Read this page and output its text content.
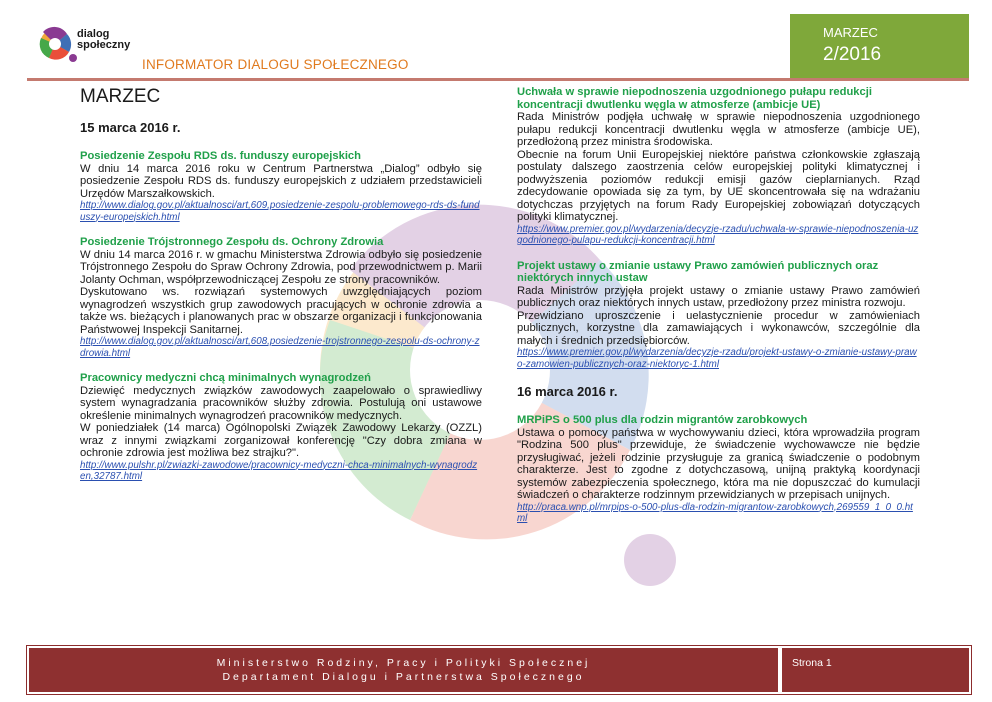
dialog
społeczny
INFORMATOR DIALOGU SPOŁECZNEGO
MARZEC
2/2016
MARZEC
15 marca 2016 r.
Posiedzenie Zespołu RDS ds. funduszy europejskich

W dniu 14 marca 2016 roku w Centrum Partnerstwa „Dialog” odbyło się posiedzenie Zespołu RDS ds. funduszy europejskich z udziałem przedstawicieli Urzędów Marszałkowskich.

http://www.dialog.gov.pl/aktualnosci/art,609,posiedzenie-zespolu-problemowego-rds-ds-funduszy-europejskich.html
Posiedzenie Trójstronnego Zespołu ds. Ochrony Zdrowia

W dniu 14 marca 2016 r. w gmachu Ministerstwa Zdrowia odbyło się posiedzenie Trójstronnego Zespołu do Spraw Ochrony Zdrowia, pod przewodnictwem p. Marii Jolanty Ochman, współprzewodniczącej Zespołu ze strony pracowników.

Dyskutowano ws. rozwiązań systemowych uwzględniających poziom wynagrodzeń wszystkich grup zawodowych pracujących w ochronie zdrowia a także ws. bieżących i planowanych prac w obszarze organizacji i funkcjonowania Państwowej Inspekcji Sanitarnej.

http://www.dialog.gov.pl/aktualnosci/art,608,posiedzenie-trojstronnego-zespolu-ds-ochrony-zdrowia.html
Pracownicy medyczni chcą minimalnych wynagrodzeń

Dziewięć medycznych związków zawodowych zaapelowało o sprawiedliwy system wynagradzania pracowników służby zdrowia. Postulują oni ustawowe określenie minimalnych wynagrodzeń pracowników medycznych.

W poniedziałek (14 marca) Ogólnopolski Związek Zawodowy Lekarzy (OZZL) wraz z innymi związkami zorganizował konferencję "Czy dobra zmiana w ochronie zdrowia jest możliwa bez strajku?".

http://www.pulshr.pl/zwiazki-zawodowe/pracownicy-medyczni-chca-minimalnych-wynagrodzen,32787.html
Uchwała w sprawie niepodnoszenia uzgodnionego pułapu redukcji koncentracji dwutlenku węgla w atmosferze (ambicje UE)

Rada Ministrów podjęła uchwałę w sprawie niepodnoszenia uzgodnionego pułapu redukcji koncentracji dwutlenku węgla w atmosferze (ambicje UE), przedłożoną przez ministra środowiska.

Obecnie na forum Unii Europejskiej niektóre państwa członkowskie zgłaszają postulaty dalszego zaostrzenia celów europejskiej polityki klimatycznej i podwyższenia poziomów redukcji emisji gazów cieplarnianych. Rząd zdecydowanie opowiada się za tym, by UE skoncentrowała się na wdrażaniu dotychczas przyjętych na forum Rady Europejskiej zobowiązań dotyczących polityki klimatycznej.

https://www.premier.gov.pl/wydarzenia/decyzje-rzadu/uchwala-w-sprawie-niepodnoszenia-uzgodnionego-pulapu-redukcji-koncentracji.html
Projekt ustawy o zmianie ustawy Prawo zamówień publicznych oraz niektórych innych ustaw

Rada Ministrów przyjęła projekt ustawy o zmianie ustawy Prawo zamówień publicznych oraz niektórych innych ustaw, przedłożony przez ministra rozwoju.

Przewidziano uproszczenie i uelastycznienie procedur w zamówieniach publicznych, korzystne dla zamawiających i wykonawców, szczególnie dla małych i średnich przedsiębiorców.

https://www.premier.gov.pl/wydarzenia/decyzje-rzadu/projekt-ustawy-o-zmianie-ustawy-prawo-zamowien-publicznych-oraz-niektoryc-1.html
16 marca 2016 r.
MRPiPS o 500 plus dla rodzin migrantów zarobkowych

Ustawa o pomocy państwa w wychowywaniu dzieci, która wprowadziła program "Rodzina 500 plus" przewiduje, że świadczenie wychowawcze nie będzie przysługiwać, jeżeli rodzinie przysługuje za granicą świadczenie o podobnym charakterze. Jest to zgodne z dotychczasową, unijną praktyką koordynacji systemów zabezpieczenia społecznego, która ma nie dopuszczać do kumulacji świadczeń o charakterze rodzinnym przewidzianych w przepisach unijnych.

http://praca.wnp.pl/mrpips-o-500-plus-dla-rodzin-migrantow-zarobkowych,269559_1_0_0.html
Ministerstwo Rodziny, Pracy i Polityki Społecznej
Departament Dialogu i Partnerstwa Społecznego
Strona 1
